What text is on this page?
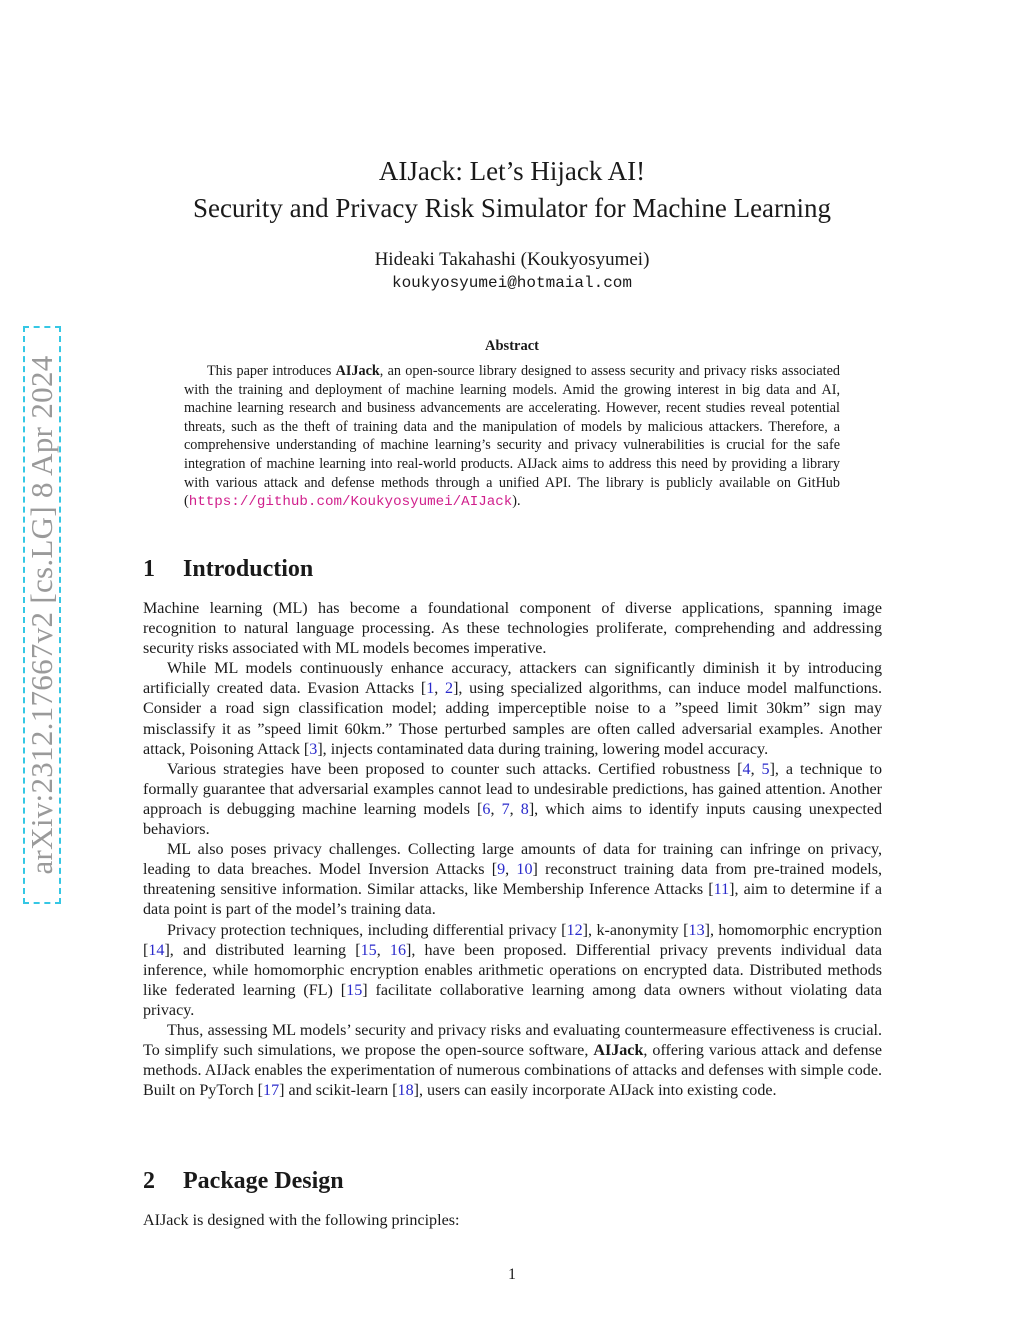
arXiv:2312.17667v2 [cs.LG] 8 Apr 2024
AIJack: Let’s Hijack AI!
Security and Privacy Risk Simulator for Machine Learning
Hideaki Takahashi (Koukyosyumei)
koukyosyumei@hotmaial.com
Abstract
This paper introduces AIJack, an open-source library designed to assess security and privacy risks associated with the training and deployment of machine learning models. Amid the growing interest in big data and AI, machine learning research and business advancements are accelerating. However, recent studies reveal potential threats, such as the theft of training data and the manipulation of models by malicious attackers. Therefore, a comprehensive understanding of machine learning’s security and privacy vulnerabilities is crucial for the safe integration of machine learning into real-world products. AIJack aims to address this need by providing a library with various attack and defense methods through a unified API. The library is publicly available on GitHub (https://github.com/Koukyosyumei/AIJack).
1 Introduction

Machine learning (ML) has become a foundational component of diverse applications, spanning image recognition to natural language processing. As these technologies proliferate, comprehending and addressing security risks associated with ML models becomes imperative.

While ML models continuously enhance accuracy, attackers can significantly diminish it by introducing artificially created data. Evasion Attacks [1, 2], using specialized algorithms, can induce model malfunctions. Consider a road sign classification model; adding imperceptible noise to a ”speed limit 30km” sign may misclassify it as ”speed limit 60km.” Those perturbed samples are often called adversarial examples. Another attack, Poisoning Attack [3], injects contaminated data during training, lowering model accuracy.

Various strategies have been proposed to counter such attacks. Certified robustness [4, 5], a technique to formally guarantee that adversarial examples cannot lead to undesirable predictions, has gained attention. Another approach is debugging machine learning models [6, 7, 8], which aims to identify inputs causing unexpected behaviors.

ML also poses privacy challenges. Collecting large amounts of data for training can infringe on privacy, leading to data breaches. Model Inversion Attacks [9, 10] reconstruct training data from pre-trained models, threatening sensitive information. Similar attacks, like Membership Inference Attacks [11], aim to determine if a data point is part of the model’s training data.

Privacy protection techniques, including differential privacy [12], k-anonymity [13], homomorphic encryption [14], and distributed learning [15, 16], have been proposed. Differential privacy prevents individual data inference, while homomorphic encryption enables arithmetic operations on encrypted data. Distributed methods like federated learning (FL) [15] facilitate collaborative learning among data owners without violating data privacy.

Thus, assessing ML models’ security and privacy risks and evaluating countermeasure effectiveness is crucial. To simplify such simulations, we propose the open-source software, AIJack, offering various attack and defense methods. AIJack enables the experimentation of numerous combinations of attacks and defenses with simple code. Built on PyTorch [17] and scikit-learn [18], users can easily incorporate AIJack into existing code.

2 Package Design
AIJack is designed with the following principles:
1
